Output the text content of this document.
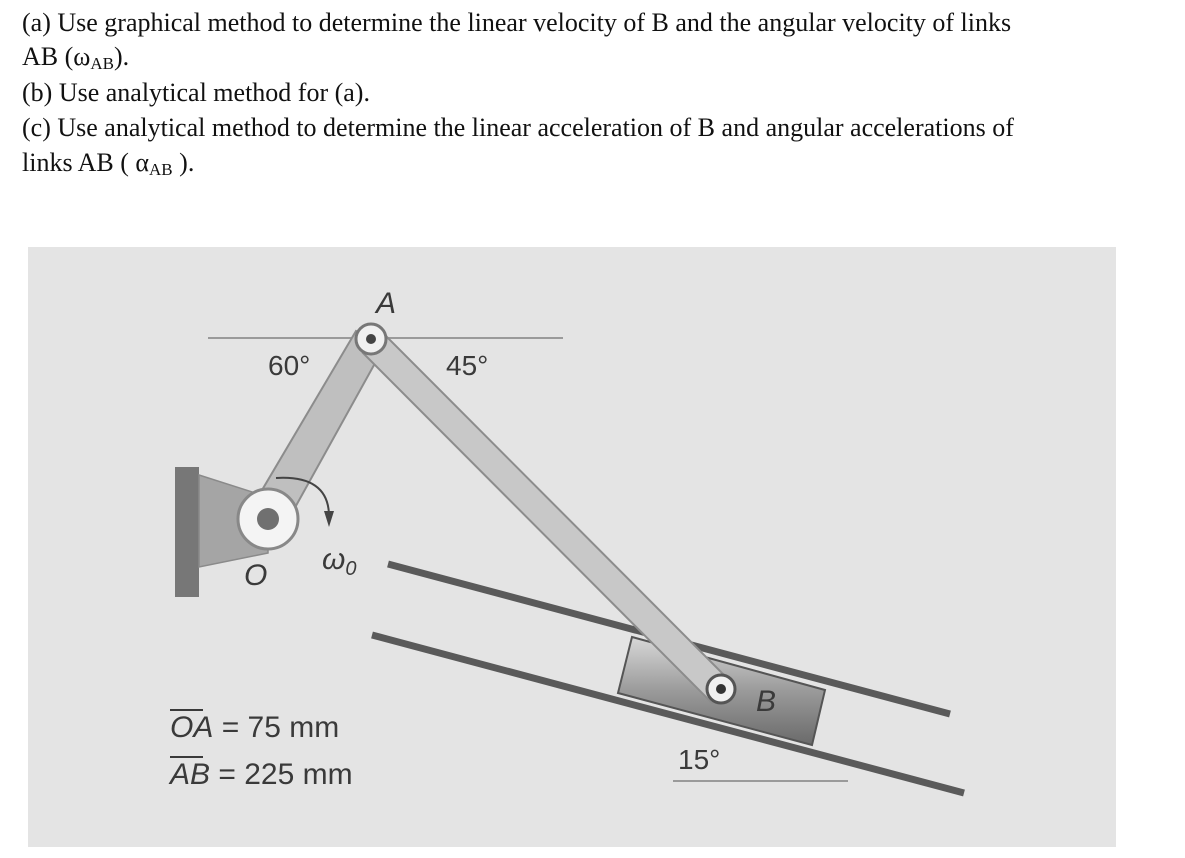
(a) Use graphical method to determine the linear velocity of B and the angular velocity of links
AB $(\omega_{AB})$.
(b) Use analytical method for (a).
(c) Use analytical method to determine the linear acceleration of B and angular accelerations of
links AB ( $\alpha_{AB}$ ).
A
B
O $\omega_0$
60°	45°
15°
OA = 75 mm
AB = 225 mm
